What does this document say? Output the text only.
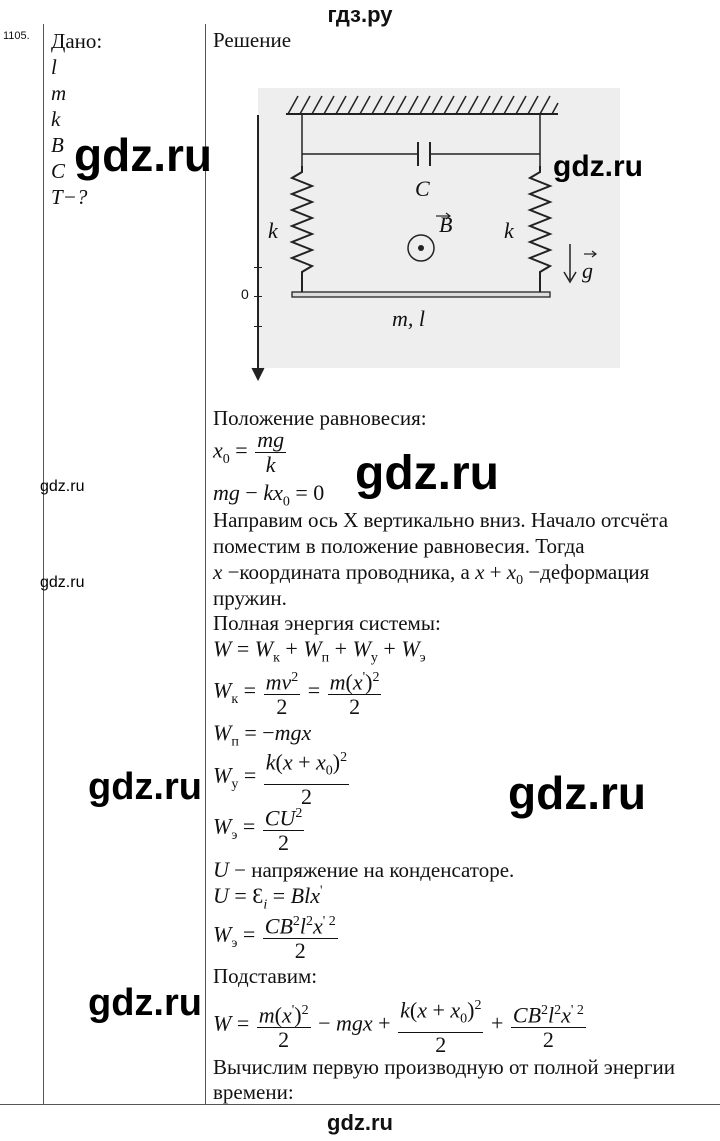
гдз.ру
gdz.ru
1105. Дано:
l
m
k
B
C
T−?
Решение
C
B
k	k
g
m, l
0
Положение равновесия:
$x_0 = \frac{mg}{k}$
mg − $kx_0 = 0$
Направим ось X вертикально вниз. Начало отсчёта
поместим в положение равновесия. Тогда
x −координата проводника, а $x + x_0$ −деформация
пружин.
Полная энергия системы:
$W = W_к + W_п + W_у + W_э$
$W_к = \frac{mv^2}{2} = \frac{m(x')^2}{2}$
$W_п = -mgx$
$W_у = \frac{k(x + x_0)^2}{2}$
$W_э = \frac{CU^2}{2}$
U − напряжение на конденсаторе.
$U = Ɛ_i = Blx'$
$W_э = \frac{CB^2l^2x^{' 2}}{2}$
Подставим:
$W = \frac{m(x')^2}{2}$ − mgx + $\frac{k(x + x_0)^2}{2} + \frac{CB^2l^2x^{' 2}}{2}$
Вычислим первую производную от полной энергии
времени:
gdz.ru	gdz.ru
gdz.ru
gdz.ru
gdz.ru
gdz.ru	gdz.ru
gdz.ru
